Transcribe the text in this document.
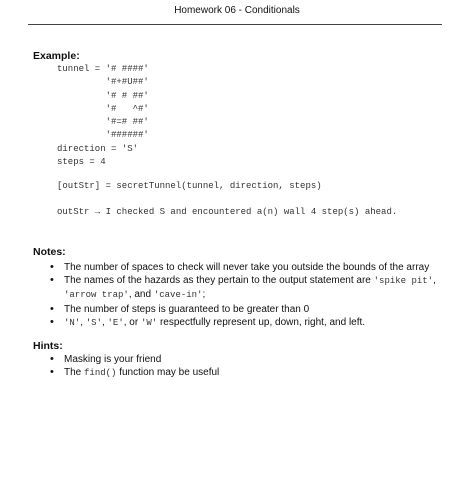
Homework 06 - Conditionals
Example:
tunnel = '# ####'
'#+#U##'
'# # ##'
'#   ^#'
'#=# ##'
'######'
direction = 'S'
steps = 4
[outStr] = secretTunnel(tunnel, direction, steps)
outStr → I checked S and encountered a(n) wall 4 step(s) ahead.
Notes:
• The number of spaces to check will never take you outside the bounds of the array
• The names of the hazards as they pertain to the output statement are 'spike pit', 'arrow trap', and 'cave-in';
• The number of steps is guaranteed to be greater than 0
• 'N', 'S', 'E', or 'W' respectfully represent up, down, right, and left.
Hints:
• Masking is your friend
• The find() function may be useful
